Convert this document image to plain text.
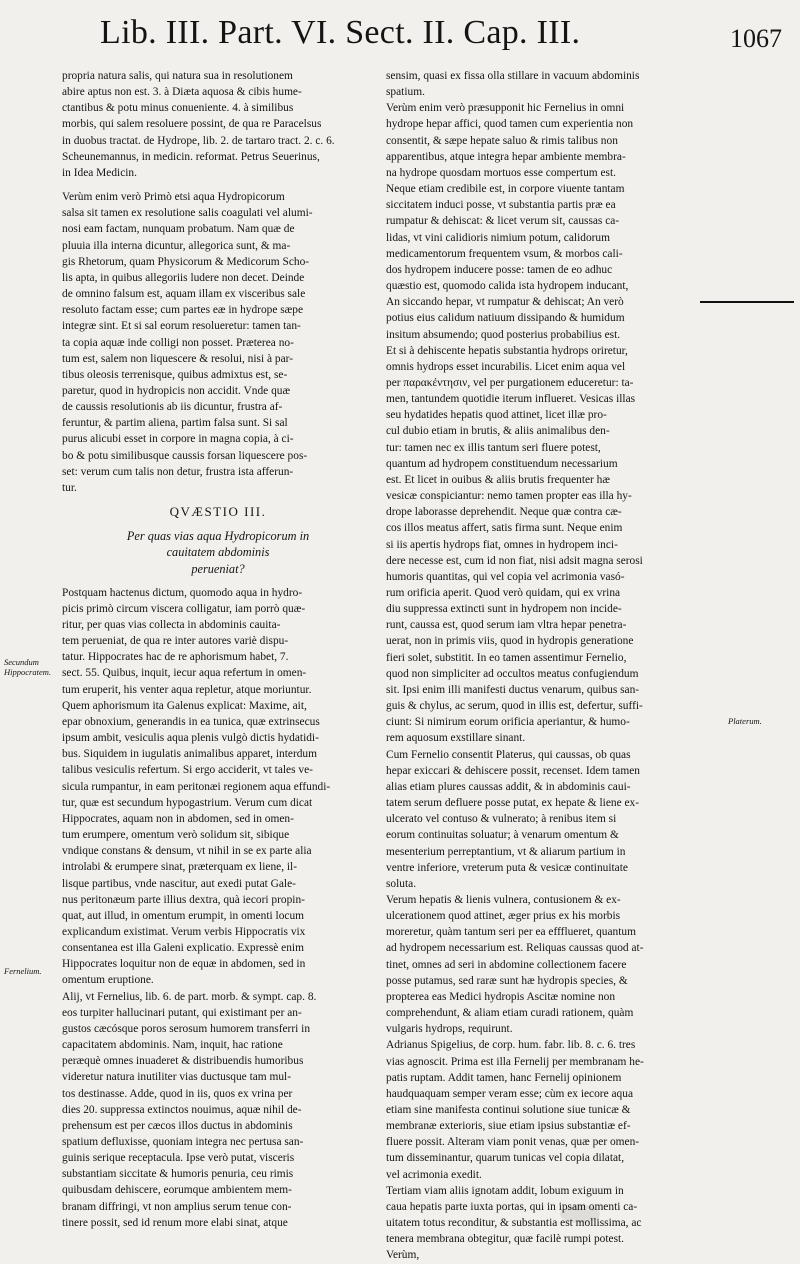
Lib. III. Part. VI. Sect. II. Cap. III.	1067

propria natura salis, qui natura sua in resolutionem

abire aptus non est. 3. à Diæta aquosa & cibis hume-

ctantibus & potu minus conueniente. 4. à similibus

morbis, qui salem resoluere possint, de qua re Paracelsus

in duobus tractat. de Hydrope, lib. 2. de tartaro tract. 2. c. 6.

Scheunemannus, in medicin. reformat. Petrus Seuerinus,

in Idea Medicin.

Verùm enim verò Primò etsi aqua Hydropicorum

salsa sit tamen ex resolutione salis coagulati vel alumi-

nosi eam factam, nunquam probatum. Nam quæ de

pluuia illa interna dicuntur, allegorica sunt, & ma-

gis Rhetorum, quam Physicorum & Medicorum Scho-

lis apta, in quibus allegoriis ludere non decet. Deinde

de omnino falsum est, aquam illam ex visceribus sale

resoluto factam esse; cum partes eæ in hydrope sæpe

integræ sint. Et si sal eorum resolueretur: tamen tan-

ta copia aquæ inde colligi non posset. Præterea no-

tum est, salem non liquescere & resolui, nisi à par-

tibus oleosis terrenisque, quibus admixtus est, se-

paretur, quod in hydropicis non accidit. Vnde quæ

de caussis resolutionis ab iis dicuntur, frustra af-

feruntur, & partim aliena, partim falsa sunt. Si sal

purus alicubi esset in corpore in magna copia, à ci-

bo & potu similibusque caussis forsan liquescere pos-

set: verum cum talis non detur, frustra ista afferun-

tur.

QVÆSTIO III.

Per quas vias aqua Hydropicorum in

cauitatem abdominis

perueniat?

Postquam hactenus dictum, quomodo aqua in hydro-

picis primò circum viscera colligatur, iam porrò quæ-

ritur, per quas vias collecta in abdominis cauita-

tem perueniat, de qua re inter autores variè dispu-

tatur. Hippocrates hac de re aphorismum habet, 7.

sect. 55. Quibus, inquit, iecur aqua refertum in omen-

tum eruperit, his venter aqua repletur, atque moriuntur.

Quem aphorismum ita Galenus explicat: Maxime, ait,

epar obnoxium, generandis in ea tunica, quæ extrinsecus

ipsum ambit, vesiculis aqua plenis vulgò dictis hydatidi-

bus. Siquidem in iugulatis animalibus apparet, interdum

talibus vesiculis refertum. Si ergo acciderit, vt tales ve-

sicula rumpantur, in eam peritonæi regionem aqua effundi-

tur, quæ est secundum hypogastrium. Verum cum dicat

Hippocrates, aquam non in abdomen, sed in omen-

tum erumpere, omentum verò solidum sit, sibique

vndique constans & densum, vt nihil in se ex parte alia

introlabi & erumpere sinat, præterquam ex liene, il-

lisque partibus, vnde nascitur, aut exedi putat Gale-

nus peritonæum parte illius dextra, quà iecori propin-

quat, aut illud, in omentum erumpit, in omenti locum

explicandum existimat. Verum verbis Hippocratis vix

consentanea est illa Galeni explicatio. Expressè enim

Hippocrates loquitur non de equæ in abdomen, sed in

omentum eruptione.

Alij, vt Fernelius, lib. 6. de part. morb. & sympt. cap. 8.

eos turpiter hallucinari putant, qui existimant per an-

gustos cæcósque poros serosum humorem transferri in

capacitatem abdominis. Nam, inquit, hac ratione

peræquè omnes inuaderet & distribuendis humoribus

videretur natura inutiliter vias ductusque tam mul-

tos destinasse. Adde, quod in iis, quos ex vrina per

dies 20. suppressa extinctos nouimus, aquæ nihil de-

prehensum est per cæcos illos ductus in abdominis

spatium defluxisse, quoniam integra nec pertusa san-

guinis serique receptacula. Ipse verò putat, visceris

substantiam siccitate & humoris penuria, ceu rimis

quibusdam dehiscere, eorumque ambientem mem-

branam diffringi, vt non amplius serum tenue con-

tinere possit, sed id renum more elabi sinat, atque

sensim, quasi ex fissa olla stillare in vacuum abdominis

spatium.

Verùm enim verò præsupponit hic Fernelius in omni

hydrope hepar affici, quod tamen cum experientia non

consentit, & sæpe hepate saluo & rimis talibus non

apparentibus, atque integra hepar ambiente membra-

na hydrope quosdam mortuos esse compertum est.

Neque etiam credibile est, in corpore viuente tantam

siccitatem induci posse, vt substantia partis præ ea

rumpatur & dehiscat: & licet verum sit, caussas ca-

lidas, vt vini calidioris nimium potum, calidorum

medicamentorum frequentem vsum, & morbos cali-

dos hydropem inducere posse: tamen de eo adhuc

quæstio est, quomodo calida ista hydropem inducant,

An siccando hepar, vt rumpatur & dehiscat; An verò

potius eius calidum natiuum dissipando & humidum

insitum absumendo; quod posterius probabilius est.

Et si à dehiscente hepatis substantia hydrops oriretur,

omnis hydrops esset incurabilis. Licet enim aqua vel

per παρακέντησιν, vel per purgationem educeretur: ta-

men, tantundem quotidie iterum influeret. Vesicas illas

seu hydatides hepatis quod attinet, licet illæ pro-

cul dubio etiam in brutis, & aliis animalibus den-

tur: tamen nec ex illis tantum seri fluere potest,

quantum ad hydropem constituendum necessarium

est. Et licet in ouibus & aliis brutis frequenter hæ

vesicæ conspiciantur: nemo tamen propter eas illa hy-

drope laborasse deprehendit. Neque quæ contra cæ-

cos illos meatus affert, satis firma sunt. Neque enim

si iis apertis hydrops fiat, omnes in hydropem inci-

dere necesse est, cum id non fiat, nisi adsit magna serosi

humoris quantitas, qui vel copia vel acrimonia vasó-

rum orificia aperit. Quod verò quidam, qui ex vrina

diu suppressa extincti sunt in hydropem non incide-

runt, caussa est, quod serum iam vltra hepar penetra-

uerat, non in primis viis, quod in hydropis generatione

fieri solet, substitit. In eo tamen assentimur Fernelio,

quod non simpliciter ad occultos meatus confugiendum

sit. Ipsi enim illi manifesti ductus venarum, quibus san-

guis & chylus, ac serum, quod in illis est, defertur, suffi-

ciunt: Si nimirum eorum orificia aperiantur, & humo-

rem aquosum exstillare sinant.

Cum Fernelio consentit Platerus, qui caussas, ob quas

hepar exiccari & dehiscere possit, recenset. Idem tamen

alias etiam plures caussas addit, & in abdominis caui-

tatem serum defluere posse putat, ex hepate & liene ex-

ulcerato vel contuso & vulnerato; à renibus item si

eorum continuitas soluatur; à venarum omentum &

mesenterium perreptantium, vt & aliarum partium in

ventre inferiore, vreterum puta & vesicæ continuitate

soluta.

Verum hepatis & lienis vulnera, contusionem & ex-

ulcerationem quod attinet, æger prius ex his morbis

moreretur, quàm tantum seri per ea effflueret, quantum

ad hydropem necessarium est. Reliquas caussas quod at-

tinet, omnes ad seri in abdomine collectionem facere

posse putamus, sed raræ sunt hæ hydropis species, &

propterea eas Medici hydropis Ascitæ nomine non

comprehendunt, & aliam etiam curadi rationem, quàm

vulgaris hydrops, requirunt.

Adrianus Spigelius, de corp. hum. fabr. lib. 8. c. 6. tres

vias agnoscit. Prima est illa Fernelij per membranam he-

patis ruptam. Addit tamen, hanc Fernelij opinionem

haudquaquam semper veram esse; cùm ex iecore aqua

etiam sine manifesta continui solutione siue tunicæ &

membranæ exterioris, siue etiam ipsius substantiæ ef-

fluere possit. Alteram viam ponit venas, quæ per omen-

tum disseminantur, quarum tunicas vel copia dilatat,

vel acrimonia exedit.

Tertiam viam aliis ignotam addit, lobum exiguum in

caua hepatis parte iuxta portas, qui in ipsam omenti ca-

uitatem totus reconditur, & substantia est mollissima, ac

tenera membrana obtegitur, quæ facilè rumpi potest.

Verùm,

Secundum
Hippocratem.
Fernelium.
Platerum.
